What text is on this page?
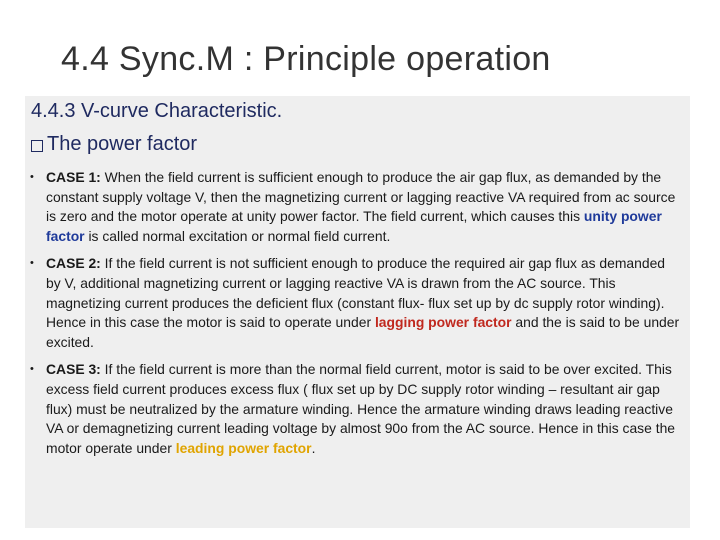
4.4 Sync.M : Principle operation
4.4.3 V-curve Characteristic.
The power factor
• CASE 1: When the field current is sufficient enough to produce the air gap flux, as demanded by the constant supply voltage V, then the magnetizing current or lagging reactive VA required from ac source is zero and the motor operate at unity power factor. The field current, which causes this unity power factor is called normal excitation or normal field current.
• CASE 2: If the field current is not sufficient enough to produce the required air gap flux as demanded by V, additional magnetizing current or lagging reactive VA is drawn from the AC source. This magnetizing current produces the deficient flux (constant flux- flux set up by dc supply rotor winding). Hence in this case the motor is said to operate under lagging power factor and the is said to be under excited.
• CASE 3: If the field current is more than the normal field current, motor is said to be over excited. This excess field current produces excess flux ( flux set up by DC supply rotor winding – resultant air gap flux) must be neutralized by the armature winding. Hence the armature winding draws leading reactive VA or demagnetizing current leading voltage by almost 90o from the AC source. Hence in this case the motor operate under leading power factor.
